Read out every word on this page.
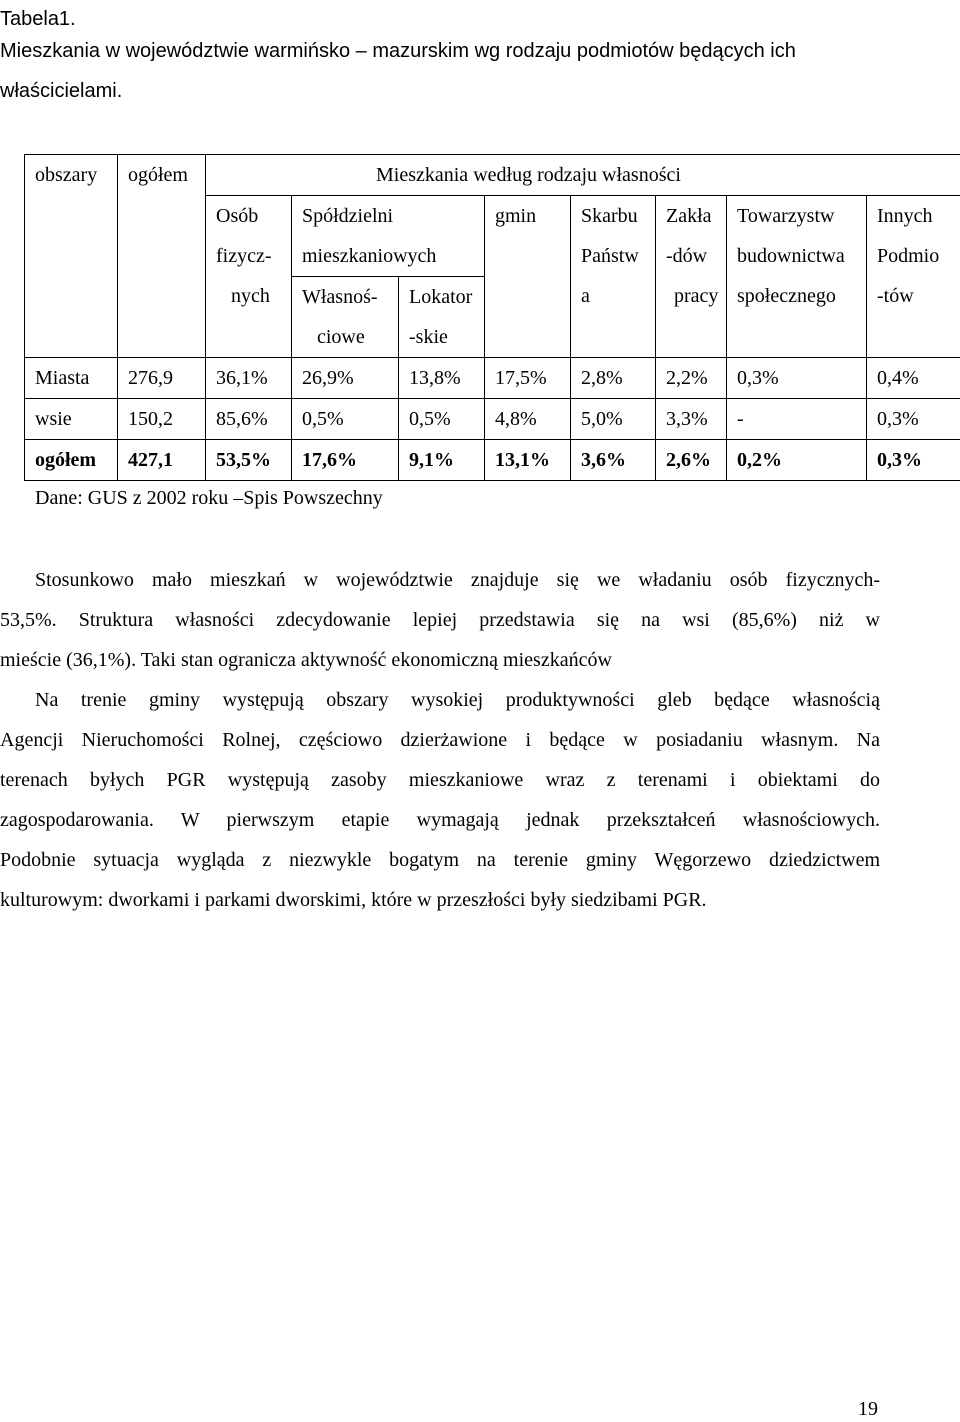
Tabela1.
Mieszkania w województwie warmińsko – mazurskim wg rodzaju podmiotów będących ich
właścicielami.
obszary	ogółem	Mieszkania według rodzaju własności							
		Osób	Spółdzielni		gmin	Skarbu	Zakła	Towarzystw	Innych
		fizycz-	mieszkaniowych			Państw	-dów	budownictwa	Podmio
		nych	Własnoś-	Lokator		a	pracy	społecznego	-tów
			ciowe	-skie					
Miasta	276,9	36,1%	26,9%	13,8%	17,5%	2,8%	2,2%	0,3%	0,4%
wsie	150,2	85,6%	0,5%	0,5%	4,8%	5,0%	3,3%	-	0,3%
ogółem	427,1	53,5%	17,6%	9,1%	13,1%	3,6%	2,6%	0,2%	0,3%
Dane: GUS z 2002 roku –Spis Powszechny
Stosunkowo mało mieszkań w województwie znajduje się we władaniu osób fizycznych-
53,5%. Struktura własności zdecydowanie lepiej przedstawia się na wsi (85,6%) niż w
mieście (36,1%). Taki stan ogranicza aktywność ekonomiczną mieszkańców
Na trenie gminy występują obszary wysokiej produktywności gleb będące własnością
Agencji Nieruchomości Rolnej, częściowo dzierżawione i będące w posiadaniu własnym. Na
terenach byłych PGR występują zasoby mieszkaniowe wraz z terenami i obiektami do
zagospodarowania. W pierwszym etapie wymagają jednak przekształceń własnościowych.
Podobnie sytuacja wygląda z niezwykle bogatym na terenie gminy Węgorzewo dziedzictwem
kulturowym: dworkami i parkami dworskimi, które w przeszłości były siedzibami PGR.
19
